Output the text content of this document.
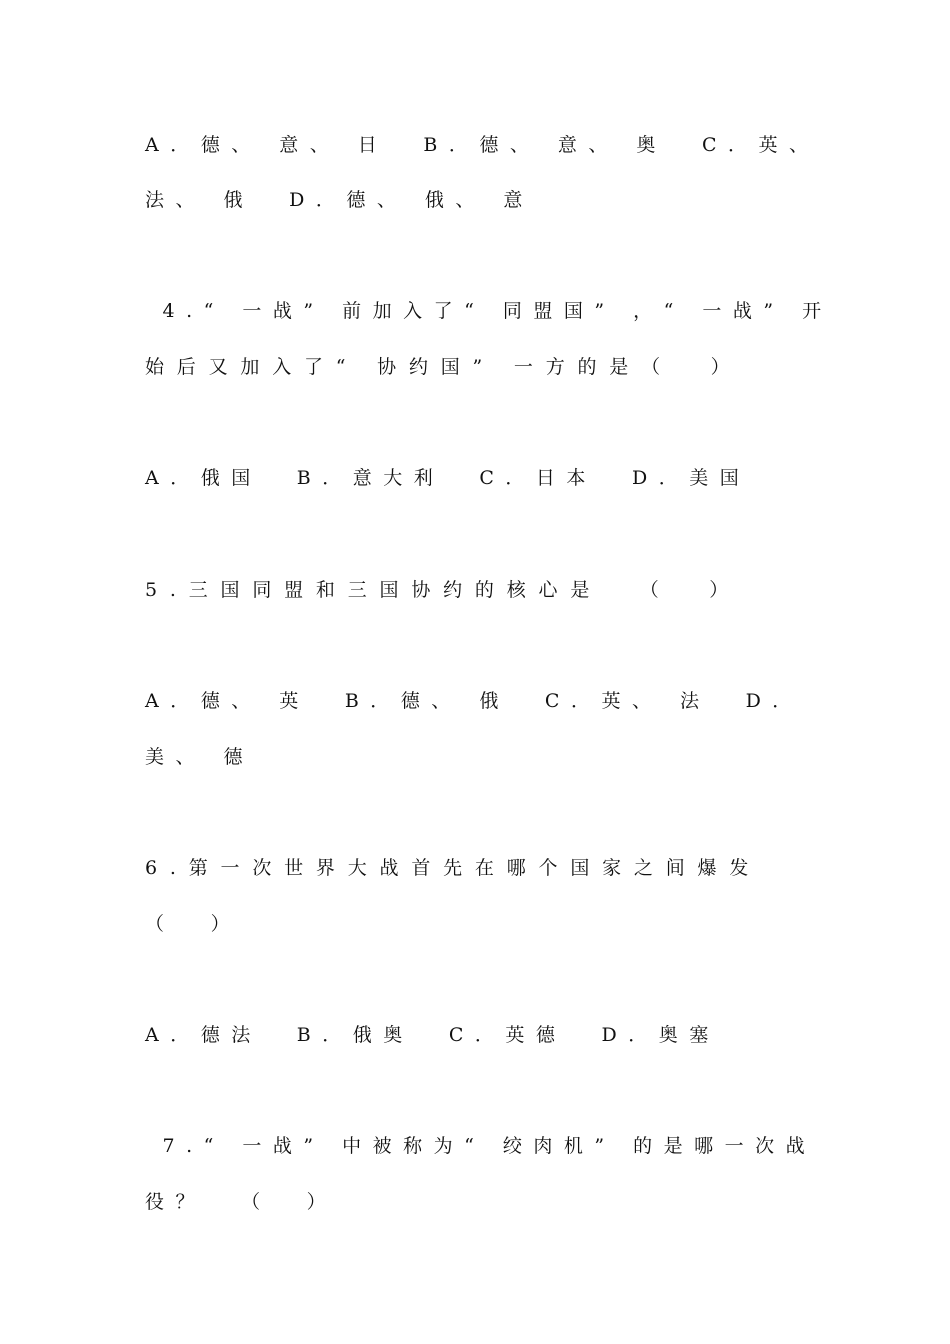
A．德、 意、 日  B．德、 意、 奥  C．英、
法、 俄  D．德、 俄、 意
4.“ 一战” 前加入了“ 同盟国” ，“ 一战” 开
始后又加入了“ 协约国” 一方的是（  ）
A．俄国  B．意大利  C．日本  D．美国
5.三国同盟和三国协约的核心是  （  ）
A．德、 英  B．德、 俄  C．英、 法  D．
美、 德
6.第一次世界大战首先在哪个国家之间爆发
（  ）
A．德法  B．俄奥  C．英德  D．奥塞
7.“ 一战” 中被称为“ 绞肉机” 的是哪一次战
役？  （  ）
